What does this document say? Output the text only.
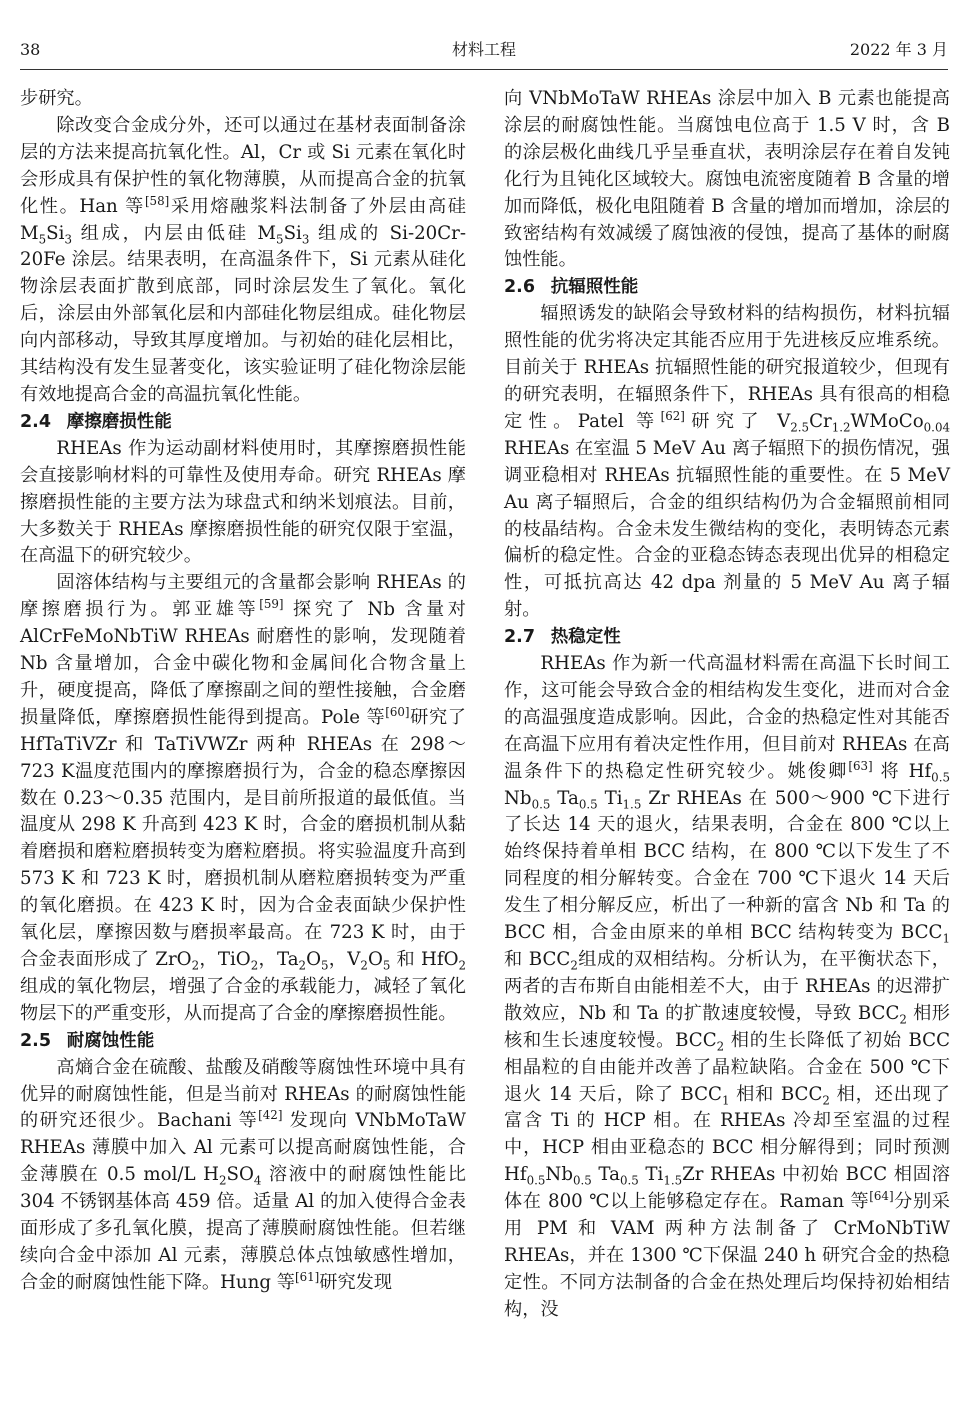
38	材料工程	2022 年 3 月

步研究。

除改变合金成分外，还可以通过在基材表面制备涂层的方法来提高抗氧化性。Al，Cr 或 Si 元素在氧化时会形成具有保护性的氧化物薄膜，从而提高合金的抗氧化性。Han 等[58]采用熔融浆料法制备了外层由高硅 $M_5Si_3$ 组成，内层由低硅 $M_5Si_3$ 组成的 Si-20Cr-20Fe 涂层。结果表明，在高温条件下，Si 元素从硅化物涂层表面扩散到底部，同时涂层发生了氧化。氧化后，涂层由外部氧化层和内部硅化物层组成。硅化物层向内部移动，导致其厚度增加。与初始的硅化层相比，其结构没有发生显著变化，该实验证明了硅化物涂层能有效地提高合金的高温抗氧化性能。

2.4 摩擦磨损性能

RHEAs 作为运动副材料使用时，其摩擦磨损性能会直接影响材料的可靠性及使用寿命。研究 RHEAs 摩擦磨损性能的主要方法为球盘式和纳米划痕法。目前，大多数关于 RHEAs 摩擦磨损性能的研究仅限于室温，在高温下的研究较少。

固溶体结构与主要组元的含量都会影响 RHEAs 的摩擦磨损行为。郭亚雄等[59] 探究了 Nb 含量对 AlCrFeMoNbTiW RHEAs 耐磨性的影响，发现随着 Nb 含量增加，合金中碳化物和金属间化合物含量上升，硬度提高，降低了摩擦副之间的塑性接触，合金磨损量降低，摩擦磨损性能得到提高。Pole 等[60]研究了 HfTaTiVZr 和 TaTiVWZr 两种 RHEAs 在 298～723 K温度范围内的摩擦磨损行为，合金的稳态摩擦因数在 0.23～0.35 范围内，是目前所报道的最低值。当温度从 298 K 升高到 423 K 时，合金的磨损机制从黏着磨损和磨粒磨损转变为磨粒磨损。将实验温度升高到 573 K 和 723 K 时，磨损机制从磨粒磨损转变为严重的氧化磨损。在 423 K 时，因为合金表面缺少保护性氧化层，摩擦因数与磨损率最高。在 723 K 时，由于合金表面形成了 ZrO$_2$，TiO$_2$，$Ta_2O_5$，$V_2O_5$ 和 HfO$_2$ 组成的氧化物层，增强了合金的承载能力，减轻了氧化物层下的严重变形，从而提高了合金的摩擦磨损性能。

2.5 耐腐蚀性能

高熵合金在硫酸、盐酸及硝酸等腐蚀性环境中具有优异的耐腐蚀性能，但是当前对 RHEAs 的耐腐蚀性能的研究还很少。Bachani 等[42] 发现向 VNbMoTaW RHEAs 薄膜中加入 Al 元素可以提高耐腐蚀性能，合金薄膜在 0.5 mol/L $H_2SO_4$ 溶液中的耐腐蚀性能比 304 不锈钢基体高 459 倍。适量 Al 的加入使得合金表面形成了多孔氧化膜，提高了薄膜耐腐蚀性能。但若继续向合金中添加 Al 元素，薄膜总体点蚀敏感性增加，合金的耐腐蚀性能下降。Hung 等[61]研究发现

向 VNbMoTaW RHEAs 涂层中加入 B 元素也能提高涂层的耐腐蚀性能。当腐蚀电位高于 1.5 V 时，含 B 的涂层极化曲线几乎呈垂直状，表明涂层存在着自发钝化行为且钝化区域较大。腐蚀电流密度随着 B 含量的增加而降低，极化电阻随着 B 含量的增加而增加，涂层的致密结构有效减缓了腐蚀液的侵蚀，提高了基体的耐腐蚀性能。

2.6 抗辐照性能

辐照诱发的缺陷会导致材料的结构损伤，材料抗辐照性能的优劣将决定其能否应用于先进核反应堆系统。目前关于 RHEAs 抗辐照性能的研究报道较少，但现有的研究表明，在辐照条件下，RHEAs 具有很高的相稳定性。Patel 等[62]研究了 $V_{2.5}Cr_{1.2}WMoCo_{0.04}$ RHEAs 在室温 5 MeV Au 离子辐照下的损伤情况，强调亚稳相对 RHEAs 抗辐照性能的重要性。在 5 MeV Au 离子辐照后，合金的组织结构仍为合金辐照前相同的枝晶结构。合金未发生微结构的变化，表明铸态元素偏析的稳定性。合金的亚稳态铸态表现出优异的相稳定性，可抵抗高达 42 dpa 剂量的 5 MeV Au 离子辐射。

2.7 热稳定性

RHEAs 作为新一代高温材料需在高温下长时间工作，这可能会导致合金的相结构发生变化，进而对合金的高温强度造成影响。因此，合金的热稳定性对其能否在高温下应用有着决定性作用，但目前对 RHEAs 在高温条件下的热稳定性研究较少。姚俊卿[63] 将 $Hf_{0.5}$ $Nb_{0.5}$ $Ta_{0.5}$ $Ti_{1.5}$ Zr RHEAs 在 500～900 ℃下进行了长达 14 天的退火，结果表明，合金在 800 ℃以上始终保持着单相 BCC 结构，在 800 ℃以下发生了不同程度的相分解转变。合金在 700 ℃下退火 14 天后发生了相分解反应，析出了一种新的富含 Nb 和 Ta 的 BCC 相，合金由原来的单相 BCC 结构转变为 $BCC_1$ 和 $BCC_2$组成的双相结构。分析认为，在平衡状态下，两者的吉布斯自由能相差不大，由于 RHEAs 的迟滞扩散效应，Nb 和 Ta 的扩散速度较慢，导致 $BCC_2$ 相形核和生长速度较慢。$BCC_2$ 相的生长降低了初始 BCC 相晶粒的自由能并改善了晶粒缺陷。合金在 500 ℃下退火 14 天后，除了 $BCC_1$ 相和 $BCC_2$ 相，还出现了富含 Ti 的 HCP 相。在 RHEAs 冷却至室温的过程中，HCP 相由亚稳态的 BCC 相分解得到；同时预测 $Hf_{0.5}Nb_{0.5}$ $Ta_{0.5}$ $Ti_{1.5}Zr$ RHEAs 中初始 BCC 相固溶体在 800 ℃以上能够稳定存在。Raman 等[64]分别采用 PM 和 VAM 两种方法制备了 CrMoNbTiW RHEAs，并在 1300 ℃下保温 240 h 研究合金的热稳定性。不同方法制备的合金在热处理后均保持初始相结构，没
